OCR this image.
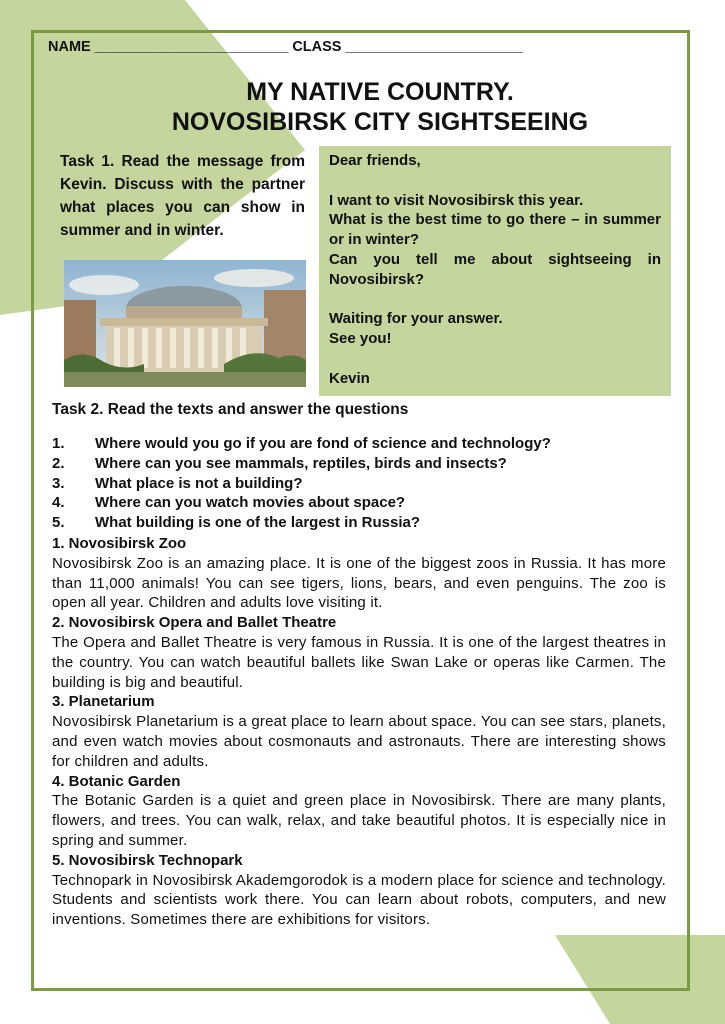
NAME ________________________ CLASS ______________________
MY NATIVE COUNTRY.
NOVOSIBIRSK CITY SIGHTSEEING
Task 1. Read the message from Kevin. Discuss with the partner what places you can show in summer and in winter.

Dear friends,

I want to visit Novosibirsk this year.

What is the best time to go there – in summer or in winter?

Can you tell me about sightseeing in Novosibirsk?

Waiting for your answer.

See you!

Kevin

Task 2. Read the texts and answer the questions
1. Where would you go if you are fond of science and technology?
2. Where can you see mammals, reptiles, birds and insects?
3. What place is not a building?
4. Where can you watch movies about space?
5. What building is one of the largest in Russia?
1. Novosibirsk Zoo
Novosibirsk Zoo is an amazing place. It is one of the biggest zoos in Russia. It has more than 11,000 animals! You can see tigers, lions, bears, and even penguins. The zoo is open all year. Children and adults love visiting it.
2. Novosibirsk Opera and Ballet Theatre
The Opera and Ballet Theatre is very famous in Russia. It is one of the largest theatres in the country. You can watch beautiful ballets like Swan Lake or operas like Carmen. The building is big and beautiful.
3. Planetarium
Novosibirsk Planetarium is a great place to learn about space. You can see stars, planets, and even watch movies about cosmonauts and astronauts. There are interesting shows for children and adults.
4. Botanic Garden
The Botanic Garden is a quiet and green place in Novosibirsk. There are many plants, flowers, and trees. You can walk, relax, and take beautiful photos. It is especially nice in spring and summer.
5. Novosibirsk Technopark
Technopark in Novosibirsk Akademgorodok is a modern place for science and technology. Students and scientists work there. You can learn about robots, computers, and new inventions. Sometimes there are exhibitions for visitors.
